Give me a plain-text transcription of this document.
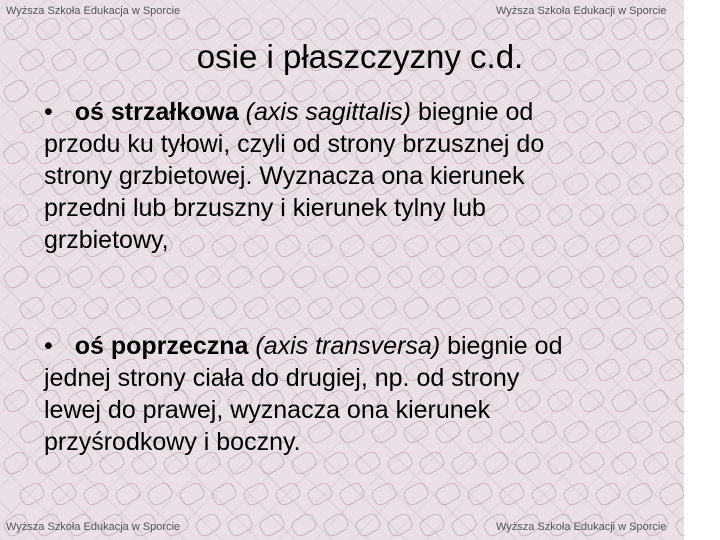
Wyższa Szkoła Edukacja w Sporcie	Wyższa Szkoła Edukacji w Sporcie
Wyższa Szkoła Edukacja w Sporcie	Wyższa Szkoła Edukacji w Sporcie
osie i płaszczyzny c.d.
• oś strzałkowa (axis sagittalis) biegnie od
przodu ku tyłowi, czyli od strony brzusznej do
strony grzbietowej. Wyznacza ona kierunek
przedni lub brzuszny i kierunek tylny lub
grzbietowy,
• oś poprzeczna (axis transversa) biegnie od
jednej strony ciała do drugiej, np. od strony
lewej do prawej, wyznacza ona kierunek
przyśrodkowy i boczny.
